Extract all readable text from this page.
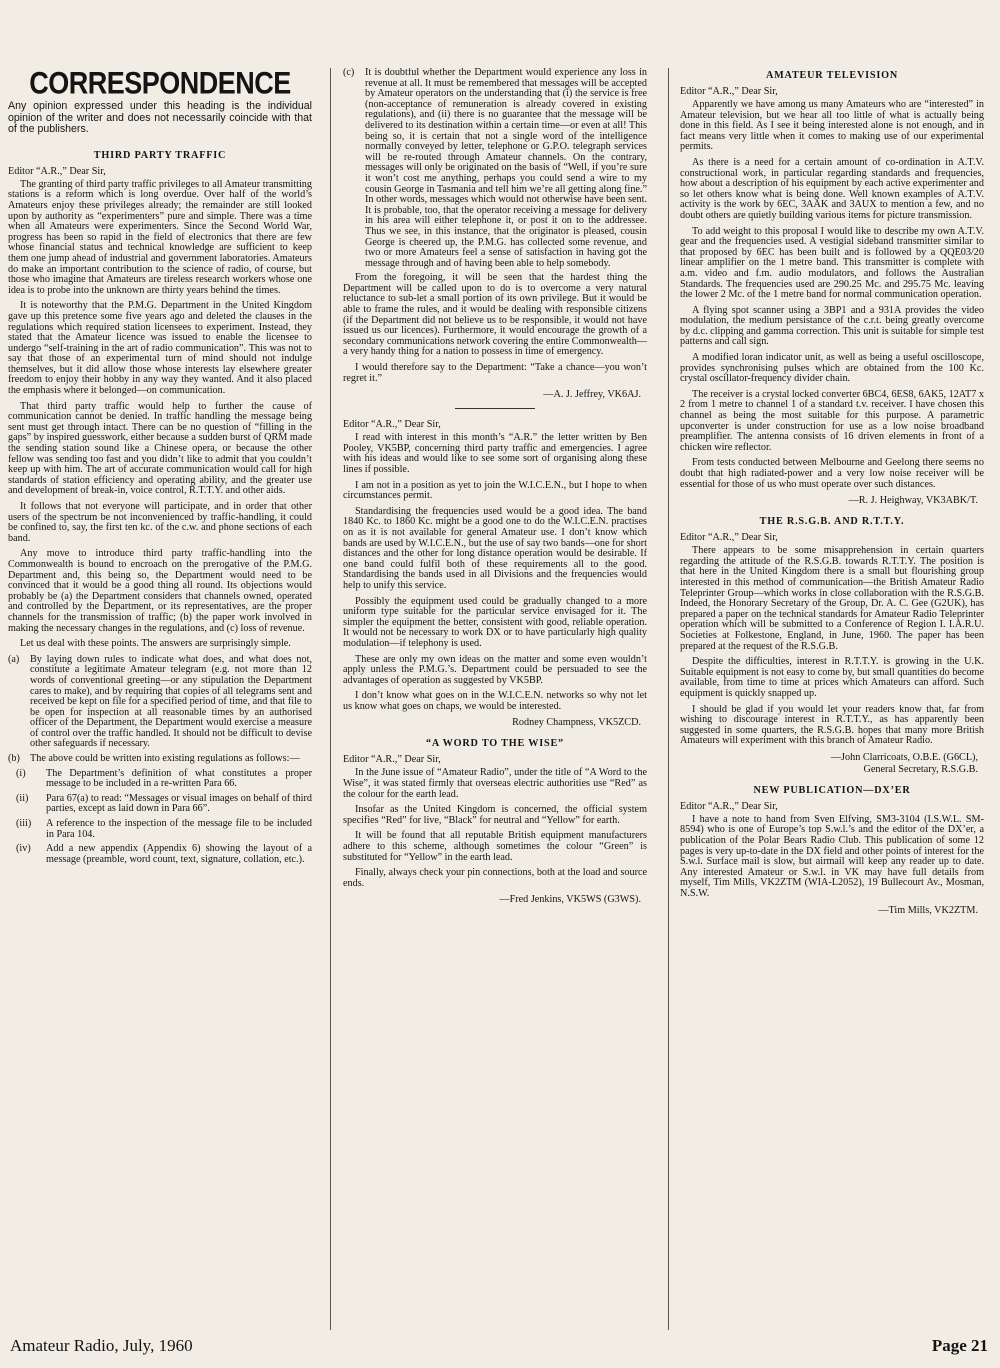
CORRESPONDENCE
Any opinion expressed under this heading is the individual opinion of the writer and does not necessarily coincide with that of the publishers.
THIRD PARTY TRAFFIC

Editor “A.R.,” Dear Sir,

The granting of third party traffic privileges to all Amateur transmitting stations is a reform which is long overdue. Over half of the world’s Amateurs enjoy these privileges already; the remainder are still looked upon by authority as “experimenters” pure and simple. There was a time when all Amateurs were experimenters. Since the Second World War, progress has been so rapid in the field of electronics that there are few whose financial status and technical knowledge are sufficient to keep them one jump ahead of industrial and government laboratories. Amateurs do make an important contribution to the science of radio, of course, but those who imagine that Amateurs are tireless research workers whose one idea is to probe into the unknown are thirty years behind the times.

It is noteworthy that the P.M.G. Department in the United Kingdom gave up this pretence some five years ago and deleted the clauses in the regulations which required station licensees to experiment. Instead, they stated that the Amateur licence was issued to enable the licensee to undergo “self-training in the art of radio communication”. This was not to say that those of an experimental turn of mind should not indulge themselves, but it did allow those whose interests lay elsewhere greater freedom to enjoy their hobby in any way they wanted. And it also placed the emphasis where it belonged—on communication.

That third party traffic would help to further the cause of communication cannot be denied. In traffic handling the message being sent must get through intact. There can be no question of “filling in the gaps” by inspired guesswork, either because a sudden burst of QRM made the sending station sound like a Chinese opera, or because the other fellow was sending too fast and you didn’t like to admit that you couldn’t keep up with him. The art of accurate communication would call for high standards of station efficiency and operating ability, and the greater use and development of break-in, voice control, R.T.T.Y. and other aids.

It follows that not everyone will participate, and in order that other users of the spectrum be not inconvenienced by traffic-handling, it could be confined to, say, the first ten kc. of the c.w. and phone sections of each band.

Any move to introduce third party traffic-handling into the Commonwealth is bound to encroach on the prerogative of the P.M.G. Department and, this being so, the Department would need to be convinced that it would be a good thing all round. Its objections would probably be (a) the Department considers that channels owned, operated and controlled by the Department, or its representatives, are the proper channels for the transmission of traffic; (b) the paper work involved in making the necessary changes in the regulations, and (c) loss of revenue.

Let us deal with these points. The answers are surprisingly simple.

(a)	By laying down rules to indicate what does, and what does not, constitute a legitimate Amateur telegram (e.g. not more than 12 words of conventional greeting—or any stipulation the Department cares to make), and by requiring that copies of all telegrams sent and received be kept on file for a specified period of time, and that file to be open for inspection at all reasonable times by an authorised officer of the Department, the Department would exercise a measure of control over the traffic handled. It should not be difficult to devise other safeguards if necessary.
(b) The above could be written into existing regulations as follows:—
(i)	The Department’s definition of what constitutes a proper message to be included in a re-written Para 66.
(ii)	Para 67(a) to read: “Messages or visual images on behalf of third parties, except as laid down in Para 66”.
(iii)	A reference to the inspection of the message file to be included in Para 104.
(iv)	Add a new appendix (Appendix 6) showing the layout of a message (preamble, word count, text, signature, collation, etc.).
(c)	It is doubtful whether the Department would experience any loss in revenue at all. It must be remembered that messages will be accepted by Amateur operators on the understanding that (i) the service is free (non-acceptance of remuneration is already covered in existing regulations), and (ii) there is no guarantee that the message will be delivered to its destination within a certain time—or even at all! This being so, it is certain that not a single word of the intelligence normally conveyed by letter, telephone or G.P.O. telegraph services will be re-routed through Amateur channels. On the contrary, messages will only be originated on the basis of “Well, if you’re sure it won’t cost me anything, perhaps you could send a wire to my cousin George in Tasmania and tell him we’re all getting along fine.” In other words, messages which would not otherwise have been sent. It is probable, too, that the operator receiving a message for delivery in his area will either telephone it, or post it on to the addressee. Thus we see, in this instance, that the originator is pleased, cousin George is cheered up, the P.M.G. has collected some revenue, and two or more Amateurs feel a sense of satisfaction in having got the message through and of having been able to help somebody.

From the foregoing, it will be seen that the hardest thing the Department will be called upon to do is to overcome a very natural reluctance to sub-let a small portion of its own privilege. But it would be able to frame the rules, and it would be dealing with responsible citizens (if the Department did not believe us to be responsible, it would not have issued us our licences). Furthermore, it would encourage the growth of a secondary communications network covering the entire Commonwealth—a very handy thing for a nation to possess in time of emergency.

I would therefore say to the Department: “Take a chance—you won’t regret it.”

—A. J. Jeffrey, VK6AJ.

Editor “A.R.,” Dear Sir,

I read with interest in this month’s “A.R.” the letter written by Ben Pooley, VK5BP, concerning third party traffic and emergencies. I agree with his ideas and would like to see some sort of organising along these lines if possible.

I am not in a position as yet to join the W.I.C.E.N., but I hope to when circumstances permit.

Standardising the frequencies used would be a good idea. The band 1840 Kc. to 1860 Kc. might be a good one to do the W.I.C.E.N. practises on as it is not available for general Amateur use. I don’t know which bands are used by W.I.C.E.N., but the use of say two bands—one for short distances and the other for long distance operation would be desirable. If one band could fulfil both of these requirements all to the good. Standardising the bands used in all Divisions and the frequencies would help to unify this service.

Possibly the equipment used could be gradually changed to a more uniform type suitable for the particular service envisaged for it. The simpler the equipment the better, consistent with good, reliable operation. It would not be necessary to work DX or to have particularly high quality modulation—if telephony is used.

These are only my own ideas on the matter and some even wouldn’t apply unless the P.M.G.’s. Department could be persuaded to see the advantages of operation as suggested by VK5BP.

I don’t know what goes on in the W.I.C.E.N. networks so why not let us know what goes on chaps, we would be interested.

Rodney Champness, VK5ZCD.

“A WORD TO THE WISE”

Editor “A.R.,” Dear Sir,

In the June issue of “Amateur Radio”, under the title of “A Word to the Wise”, it was stated firmly that overseas electric authorities use “Red” as the colour for the earth lead.

Insofar as the United Kingdom is concerned, the official system specifies “Red” for live, “Black” for neutral and “Yellow” for earth.

It will be found that all reputable British equipment manufacturers adhere to this scheme, although sometimes the colour “Green” is substituted for “Yellow” in the earth lead.

Finally, always check your pin connections, both at the load and source ends.

—Fred Jenkins, VK5WS (G3WS).

AMATEUR TELEVISION

Editor “A.R.,” Dear Sir,

Apparently we have among us many Amateurs who are “interested” in Amateur television, but we hear all too little of what is actually being done in this field. As I see it being interested alone is not enough, and in fact means very little when it comes to making use of our experimental permits.

As there is a need for a certain amount of co-ordination in A.T.V. constructional work, in particular regarding standards and frequencies, how about a description of his equipment by each active experimenter and so let others know what is being done. Well known examples of A.T.V. activity is the work by 6EC, 3AAK and 3AUX to mention a few, and no doubt others are quietly building various items for picture transmission.

To add weight to this proposal I would like to describe my own A.T.V. gear and the frequencies used. A vestigial sideband transmitter similar to that proposed by 6EC has been built and is followed by a QQE03/20 linear amplifier on the 1 metre band. This transmitter is complete with a.m. video and f.m. audio modulators, and follows the Australian Standards. The frequencies used are 290.25 Mc. and 295.75 Mc. leaving the lower 2 Mc. of the 1 metre band for normal communication operation.

A flying spot scanner using a 3BP1 and a 931A provides the video modulation, the medium persistance of the c.r.t. being greatly overcome by d.c. clipping and gamma correction. This unit is suitable for simple test patterns and call sign.

A modified loran indicator unit, as well as being a useful oscilloscope, provides synchronising pulses which are obtained from the 100 Kc. crystal oscillator-frequency divider chain.

The receiver is a crystal locked converter 6BC4, 6ES8, 6AK5, 12AT7 x 2 from 1 metre to channel 1 of a standard t.v. receiver. I have chosen this channel as being the most suitable for this purpose. A parametric upconverter is under construction for use as a low noise broadband preamplifier. The antenna consists of 16 driven elements in front of a chicken wire reflector.

From tests conducted between Melbourne and Geelong there seems no doubt that high radiated-power and a very low noise receiver will be essential for those of us who must operate over such distances.

—R. J. Heighway, VK3ABK/T.

THE R.S.G.B. AND R.T.T.Y.

Editor “A.R.,” Dear Sir,

There appears to be some misapprehension in certain quarters regarding the attitude of the R.S.G.B. towards R.T.T.Y. The position is that here in the United Kingdom there is a small but flourishing group interested in this method of communication—the British Amateur Radio Teleprinter Group—which works in close collaboration with the R.S.G.B. Indeed, the Honorary Secretary of the Group, Dr. A. C. Gee (G2UK), has prepared a paper on the technical standards for Amateur Radio Teleprinter operation which will be submitted to a Conference of Region I. I.A.R.U. Societies at Folkestone, England, in June, 1960. The paper has been prepared at the request of the R.S.G.B.

Despite the difficulties, interest in R.T.T.Y. is growing in the U.K. Suitable equipment is not easy to come by, but small quantities do become available, from time to time at prices which Amateurs can afford. Such equipment is quickly snapped up.

I should be glad if you would let your readers know that, far from wishing to discourage interest in R.T.T.Y., as has apparently been suggested in some quarters, the R.S.G.B. hopes that many more British Amateurs will experiment with this branch of Amateur Radio.

—John Clarricoats, O.B.E. (G6CL),

General Secretary, R.S.G.B.

NEW PUBLICATION—DX’ER

Editor “A.R.,” Dear Sir,

I have a note to hand from Sven Elfving, SM3-3104 (I.S.W.L. SM-8594) who is one of Europe’s top S.w.l.’s and the editor of the DX’er, a publication of the Polar Bears Radio Club. This publication of some 12 pages is very up-to-date in the DX field and other points of interest for the S.w.l. Surface mail is slow, but airmail will keep any reader up to date. Any interested Amateur or S.w.l. in VK may have full details from myself, Tim Mills, VK2ZTM (WIA-L2052), 19 Bullecourt Av., Mosman, N.S.W.

—Tim Mills, VK2ZTM.

Amateur Radio, July, 1960	Page 21
